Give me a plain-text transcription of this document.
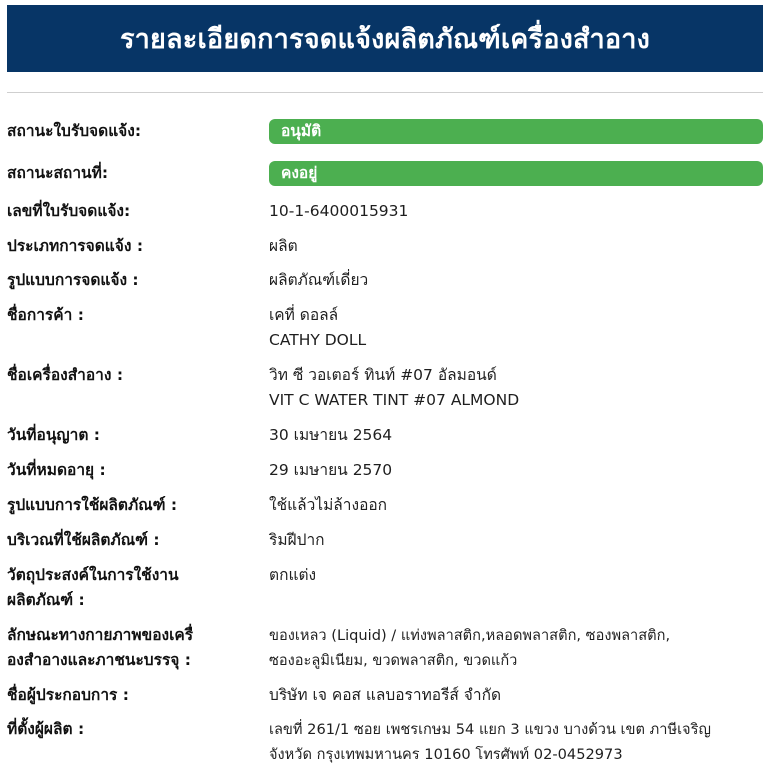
รายละเอียดการจดแจ้งผลิตภัณฑ์เครื่องสำอาง
สถานะใบรับจดแจ้ง:	อนุมัติ
สถานะสถานที่:	คงอยู่
เลขที่ใบรับจดแจ้ง:	10-1-6400015931
ประเภทการจดแจ้ง :	ผลิต
รูปแบบการจดแจ้ง :	ผลิตภัณฑ์เดี่ยว
ชื่อการค้า :	เคที่ ดอลล์
CATHY DOLL
ชื่อเครื่องสำอาง :	วิท ซี วอเตอร์ ทินท์ #07 อัลมอนด์
VIT C WATER TINT #07 ALMOND
วันที่อนุญาต :	30 เมษายน 2564
วันที่หมดอายุ :	29 เมษายน 2570
รูปแบบการใช้ผลิตภัณฑ์ :	ใช้แล้วไม่ล้างออก
บริเวณที่ใช้ผลิตภัณฑ์ :	ริมฝีปาก
วัตถุประสงค์ในการใช้งาน
ผลิตภัณฑ์ :
ตกแต่ง
ลักษณะทางกายภาพของเครื่
องสำอางและภาชนะบรรจุ :
ของเหลว (Liquid) / แท่งพลาสติก,หลอดพลาสติก, ซองพลาสติก,
ซองอะลูมิเนียม, ขวดพลาสติก, ขวดแก้ว
ชื่อผู้ประกอบการ :	บริษัท เจ คอส แลบอราทอรีส์ จำกัด
ที่ตั้งผู้ผลิต :	เลขที่ 261/1 ซอย เพชรเกษม 54 แยก 3 แขวง บางด้วน เขต ภาษีเจริญ
จังหวัด กรุงเทพมหานคร 10160 โทรศัพท์ 02-0452973
